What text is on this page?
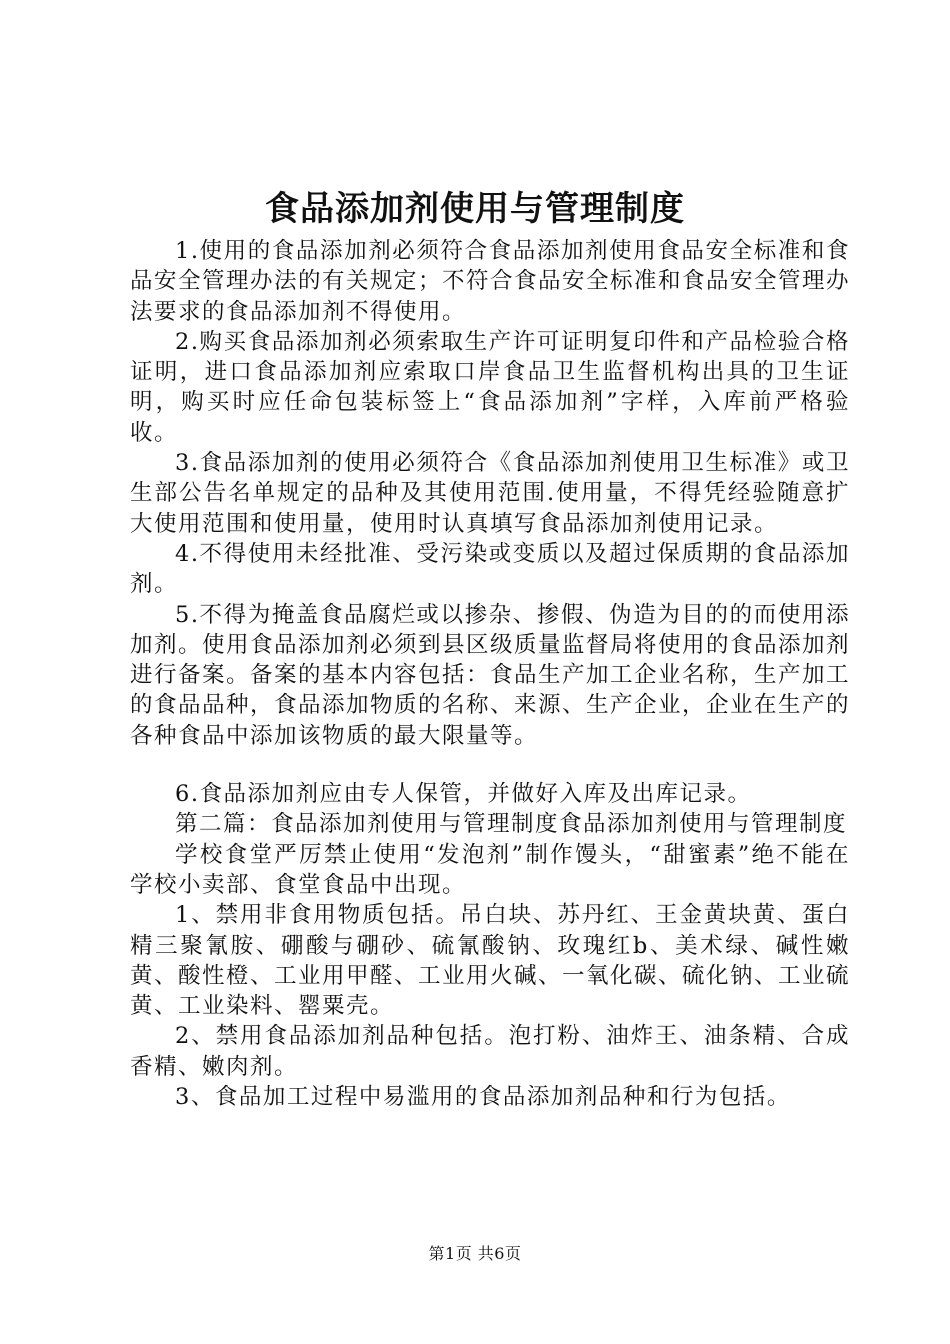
食品添加剂使用与管理制度

1.使用的食品添加剂必须符合食品添加剂使用食品安全标准和食品安全管理办法的有关规定；不符合食品安全标准和食品安全管理办法要求的食品添加剂不得使用。

2.购买食品添加剂必须索取生产许可证明复印件和产品检验合格证明，进口食品添加剂应索取口岸食品卫生监督机构出具的卫生证明，购买时应任命包装标签上“食品添加剂”字样，入库前严格验收。

3.食品添加剂的使用必须符合《食品添加剂使用卫生标准》或卫生部公告名单规定的品种及其使用范围.使用量，不得凭经验随意扩大使用范围和使用量，使用时认真填写食品添加剂使用记录。

4.不得使用未经批准、受污染或变质以及超过保质期的食品添加剂。

5.不得为掩盖食品腐烂或以掺杂、掺假、伪造为目的的而使用添加剂。使用食品添加剂必须到县区级质量监督局将使用的食品添加剂进行备案。备案的基本内容包括：食品生产加工企业名称，生产加工的食品品种，食品添加物质的名称、来源、生产企业，企业在生产的各种食品中添加该物质的最大限量等。

6.食品添加剂应由专人保管，并做好入库及出库记录。

第二篇：食品添加剂使用与管理制度食品添加剂使用与管理制度

学校食堂严厉禁止使用“发泡剂”制作馒头，“甜蜜素”绝不能在学校小卖部、食堂食品中出现。

1、禁用非食用物质包括。吊白块、苏丹红、王金黄块黄、蛋白精三聚氰胺、硼酸与硼砂、硫氰酸钠、玫瑰红b、美术绿、碱性嫩黄、酸性橙、工业用甲醛、工业用火碱、一氧化碳、硫化钠、工业硫黄、工业染料、罂粟壳。

2、禁用食品添加剂品种包括。泡打粉、油炸王、油条精、合成香精、嫩肉剂。

3、食品加工过程中易滥用的食品添加剂品种和行为包括。

第1页 共6页
